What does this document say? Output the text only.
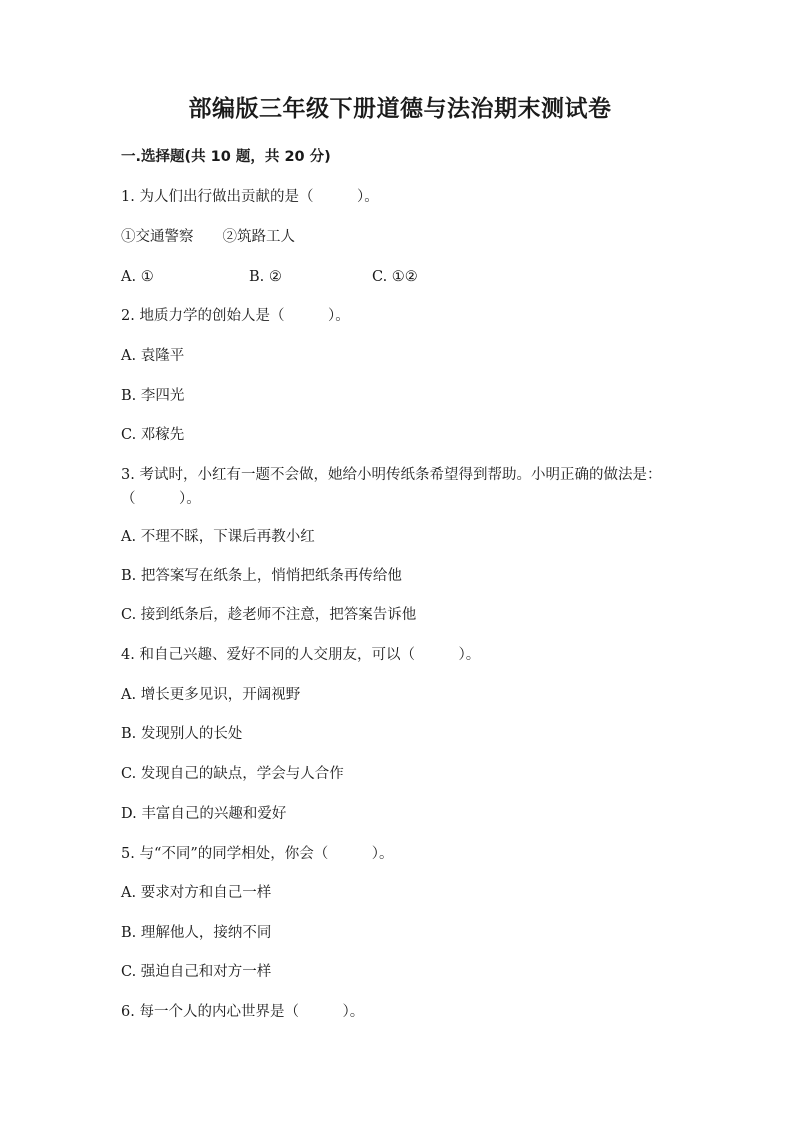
部编版三年级下册道德与法治期末测试卷
一.选择题(共 10 题，共 20 分)
1. 为人们出行做出贡献的是（　　　）。
①交通警察　　②筑路工人
A. ①	B. ②	C. ①②
2. 地质力学的创始人是（　　　）。
A. 袁隆平
B. 李四光
C. 邓稼先
3. 考试时，小红有一题不会做，她给小明传纸条希望得到帮助。小明正确的做法是：（　　　）。
A. 不理不睬，下课后再教小红
B. 把答案写在纸条上，悄悄把纸条再传给他
C. 接到纸条后，趁老师不注意，把答案告诉他
4. 和自己兴趣、爱好不同的人交朋友，可以（　　　）。
A. 增长更多见识，开阔视野
B. 发现别人的长处
C. 发现自己的缺点，学会与人合作
D. 丰富自己的兴趣和爱好
5. 与“不同”的同学相处，你会（　　　）。
A. 要求对方和自己一样
B. 理解他人，接纳不同
C. 强迫自己和对方一样
6. 每一个人的内心世界是（　　　）。
